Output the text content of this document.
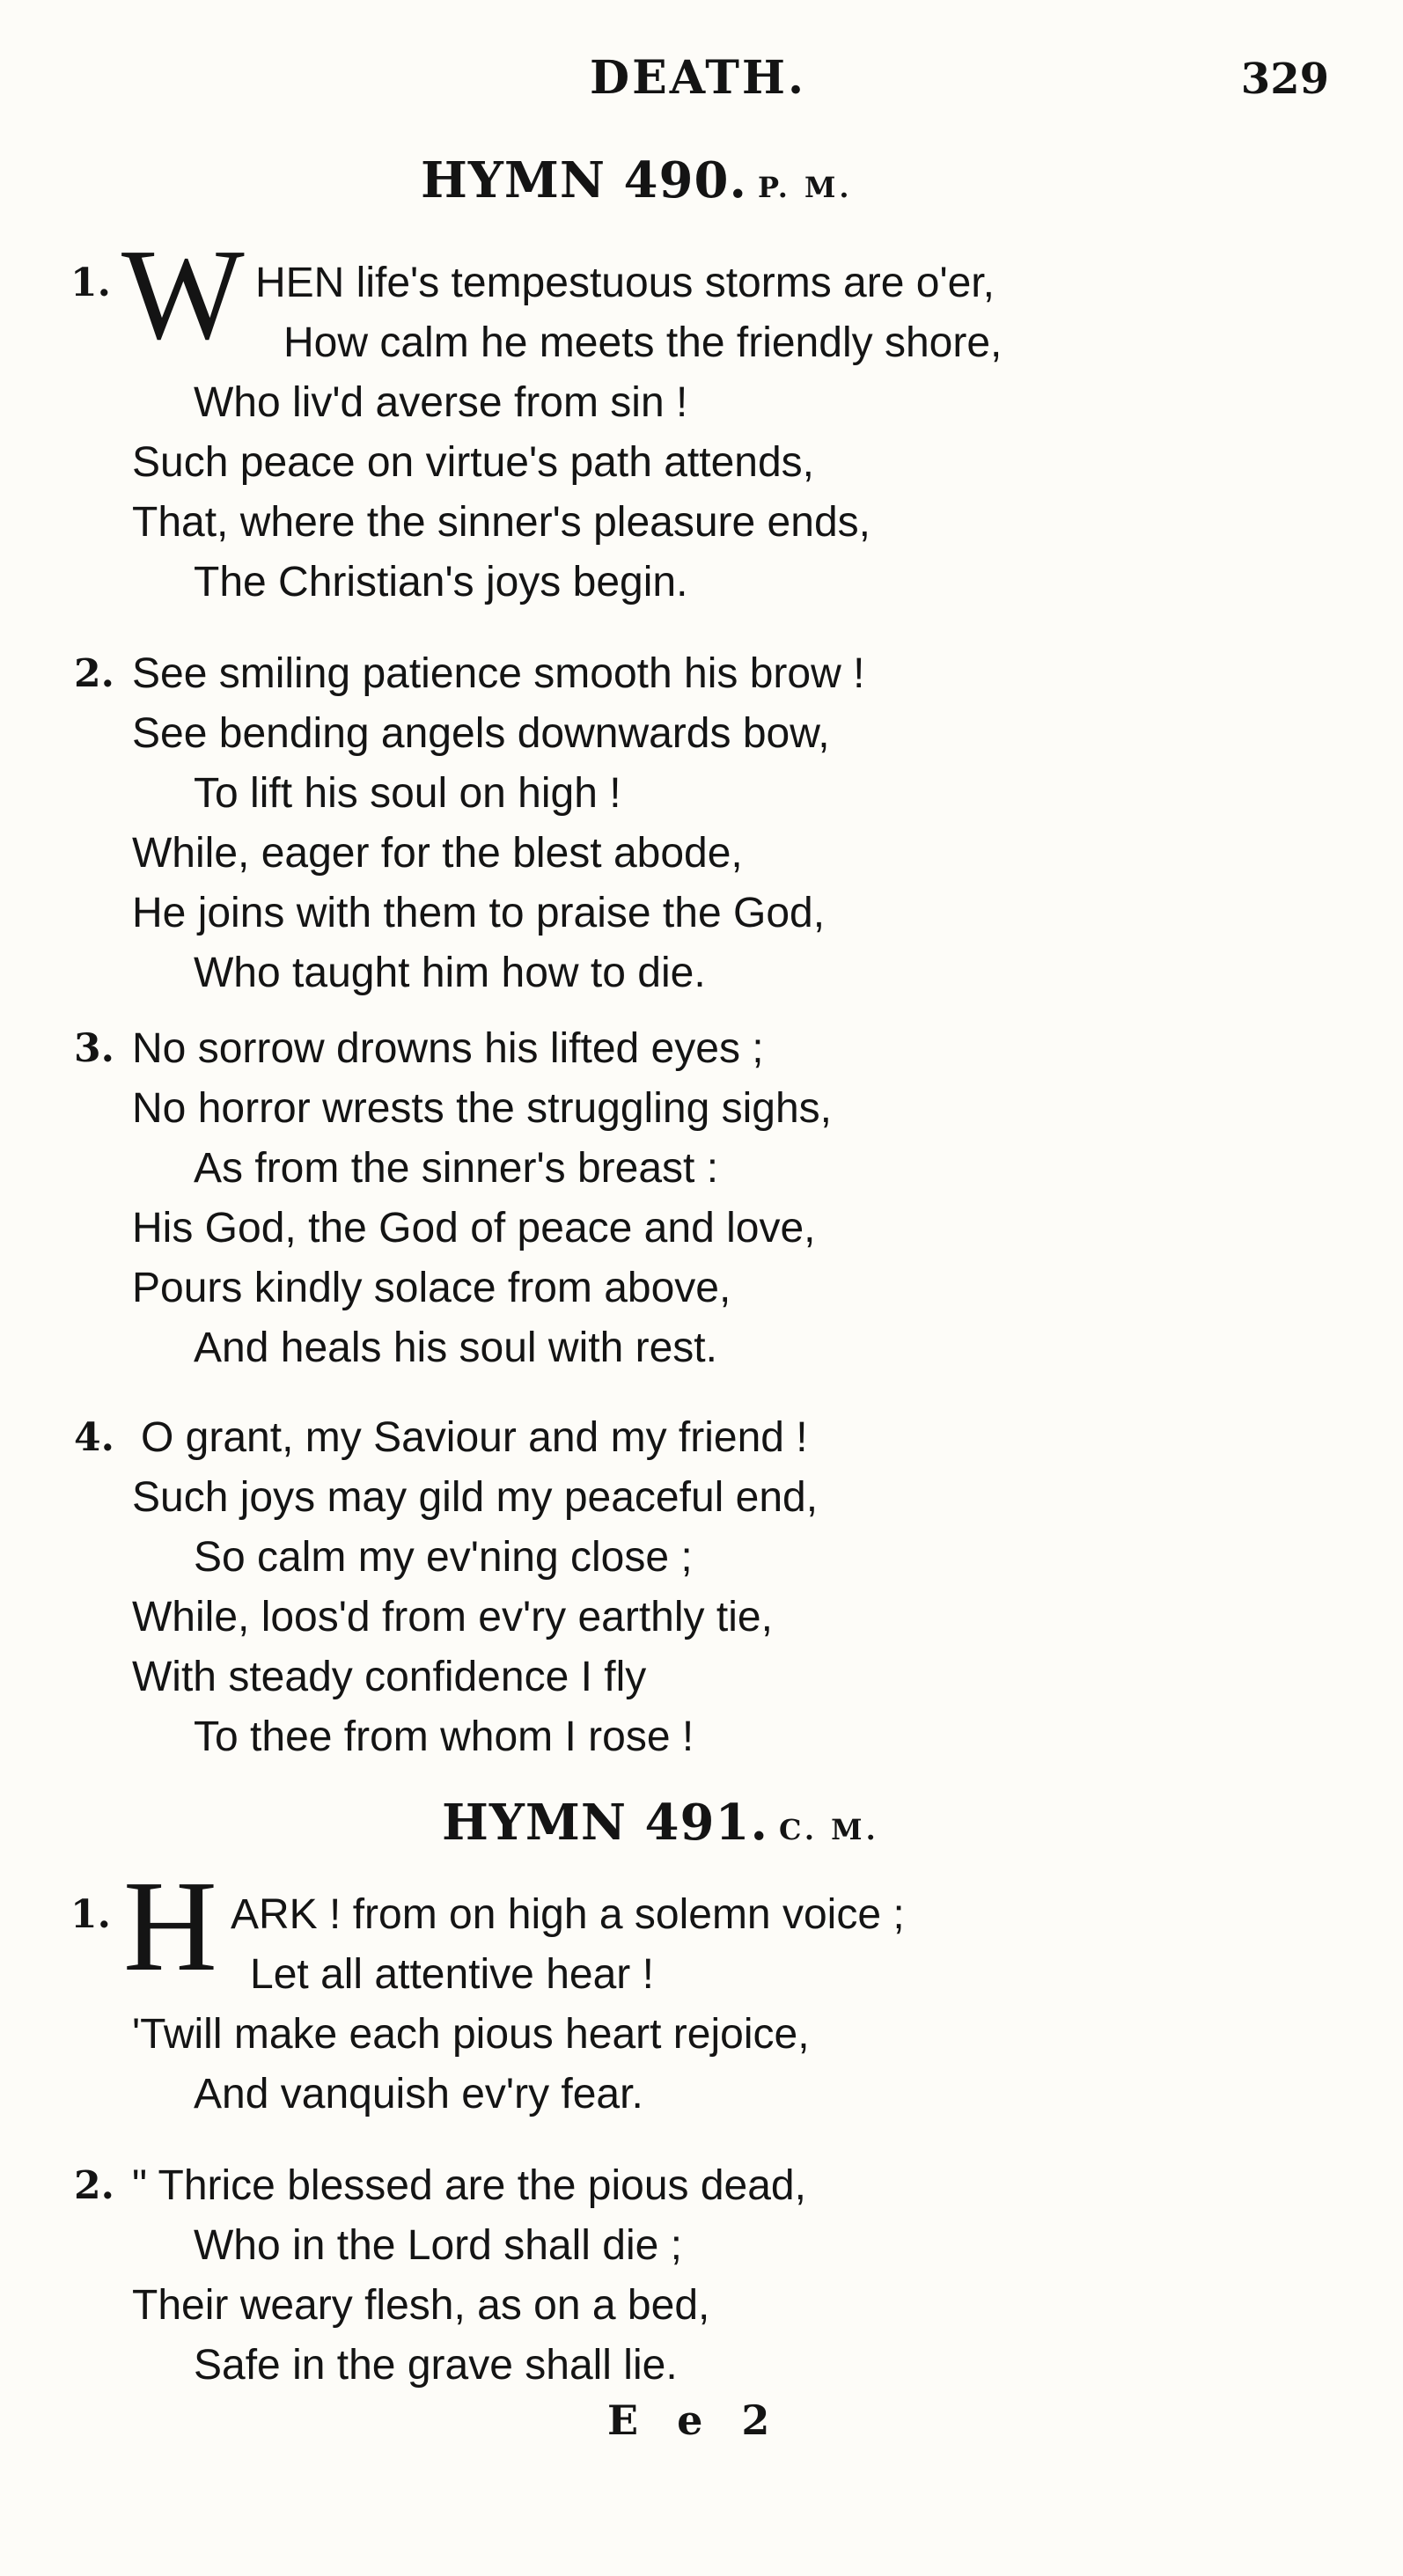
DEATH.	329
HYMN 490. P. M.
1. W HEN life's tempestuous storms are o'er,
How calm he meets the friendly shore,
Who liv'd averse from sin !
Such peace on virtue's path attends,
That, where the sinner's pleasure ends,
The Christian's joys begin.
2. See smiling patience smooth his brow !
See bending angels downwards bow,
To lift his soul on high !
While, eager for the blest abode,
He joins with them to praise the God,
Who taught him how to die.
3. No sorrow drowns his lifted eyes ;
No horror wrests the struggling sighs,
As from the sinner's breast :
His God, the God of peace and love,
Pours kindly solace from above,
And heals his soul with rest.
4. O grant, my Saviour and my friend !
Such joys may gild my peaceful end,
So calm my ev'ning close ;
While, loos'd from ev'ry earthly tie,
With steady confidence I fly
To thee from whom I rose !
HYMN 491. C. M.
1. H ARK ! from on high a solemn voice ;
Let all attentive hear !
'Twill make each pious heart rejoice,
And vanquish ev'ry fear.
2. " Thrice blessed are the pious dead,
Who in the Lord shall die ;
Their weary flesh, as on a bed,
Safe in the grave shall lie.
E e 2
